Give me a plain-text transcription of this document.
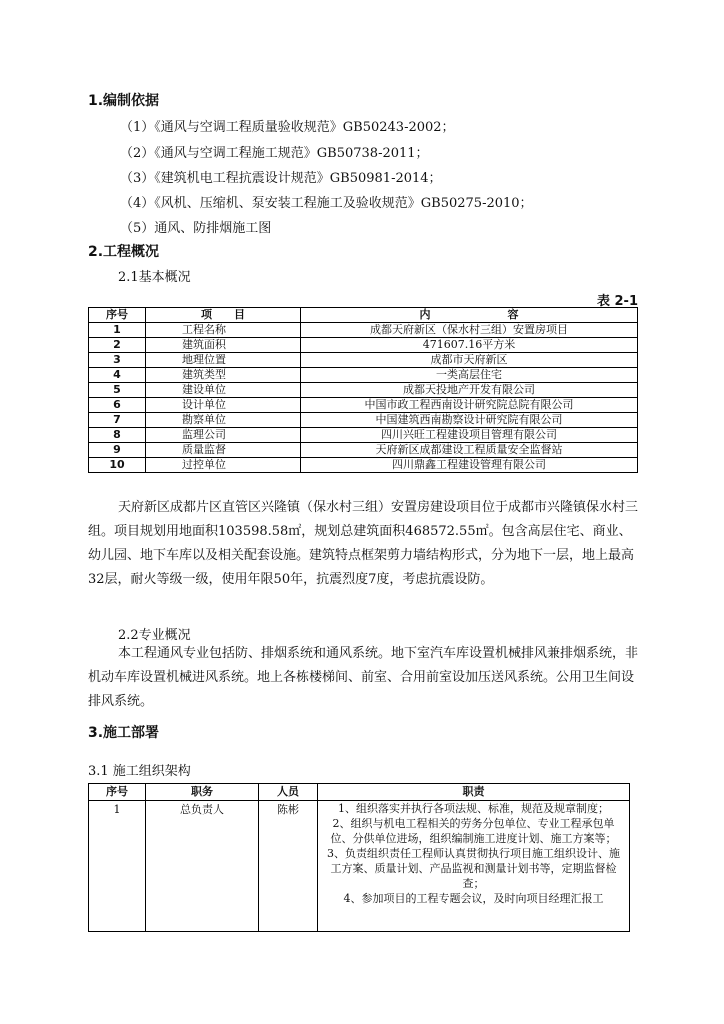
1.编制依据
（1）《通风与空调工程质量验收规范》GB50243-2002；
（2）《通风与空调工程施工规范》GB50738-2011；
（3）《建筑机电工程抗震设计规范》GB50981-2014；
（4）《风机、压缩机、泵安装工程施工及验收规范》GB50275-2010；
（5）通风、防排烟施工图
2.工程概况
2.1基本概况
表 2-1
序号	项　　目	内　　　　　　　容
1	工程名称	成都天府新区（保水村三组）安置房项目
2	建筑面积	471607.16平方米
3	地理位置	成都市天府新区
4	建筑类型	一类高层住宅
5	建设单位	成都天投地产开发有限公司
6	设计单位	中国市政工程西南设计研究院总院有限公司
7	勘察单位	中国建筑西南勘察设计研究院有限公司
8	监理公司	四川兴旺工程建设项目管理有限公司
9	质量监督	天府新区成都建设工程质量安全监督站
10	过控单位	四川鼎鑫工程建设管理有限公司

天府新区成都片区直管区兴隆镇（保水村三组）安置房建设项目位于成都市兴隆镇保水村三组。项目规划用地面积103598.58㎡，规划总建筑面积468572.55㎡。包含高层住宅、商业、幼儿园、地下车库以及相关配套设施。建筑特点框架剪力墙结构形式，分为地下一层，地上最高32层，耐火等级一级，使用年限50年，抗震烈度7度，考虑抗震设防。

2.2专业概况

本工程通风专业包括防、排烟系统和通风系统。地下室汽车库设置机械排风兼排烟系统，非机动车库设置机械进风系统。地上各栋楼梯间、前室、合用前室设加压送风系统。公用卫生间设排风系统。

3.施工部署
3.1 施工组织架构
序号	职务	人员	职责
1	总负责人	陈彬	1、组织落实并执行各项法规、标准，规范及规章制度；
2、组织与机电工程相关的劳务分包单位、专业工程承包单位、分供单位进场，组织编制施工进度计划、施工方案等；
3、负责组织责任工程师认真贯彻执行项目施工组织设计、施工方案、质量计划、产品监视和测量计划书等，定期监督检查；
4、参加项目的工程专题会议，及时向项目经理汇报工
